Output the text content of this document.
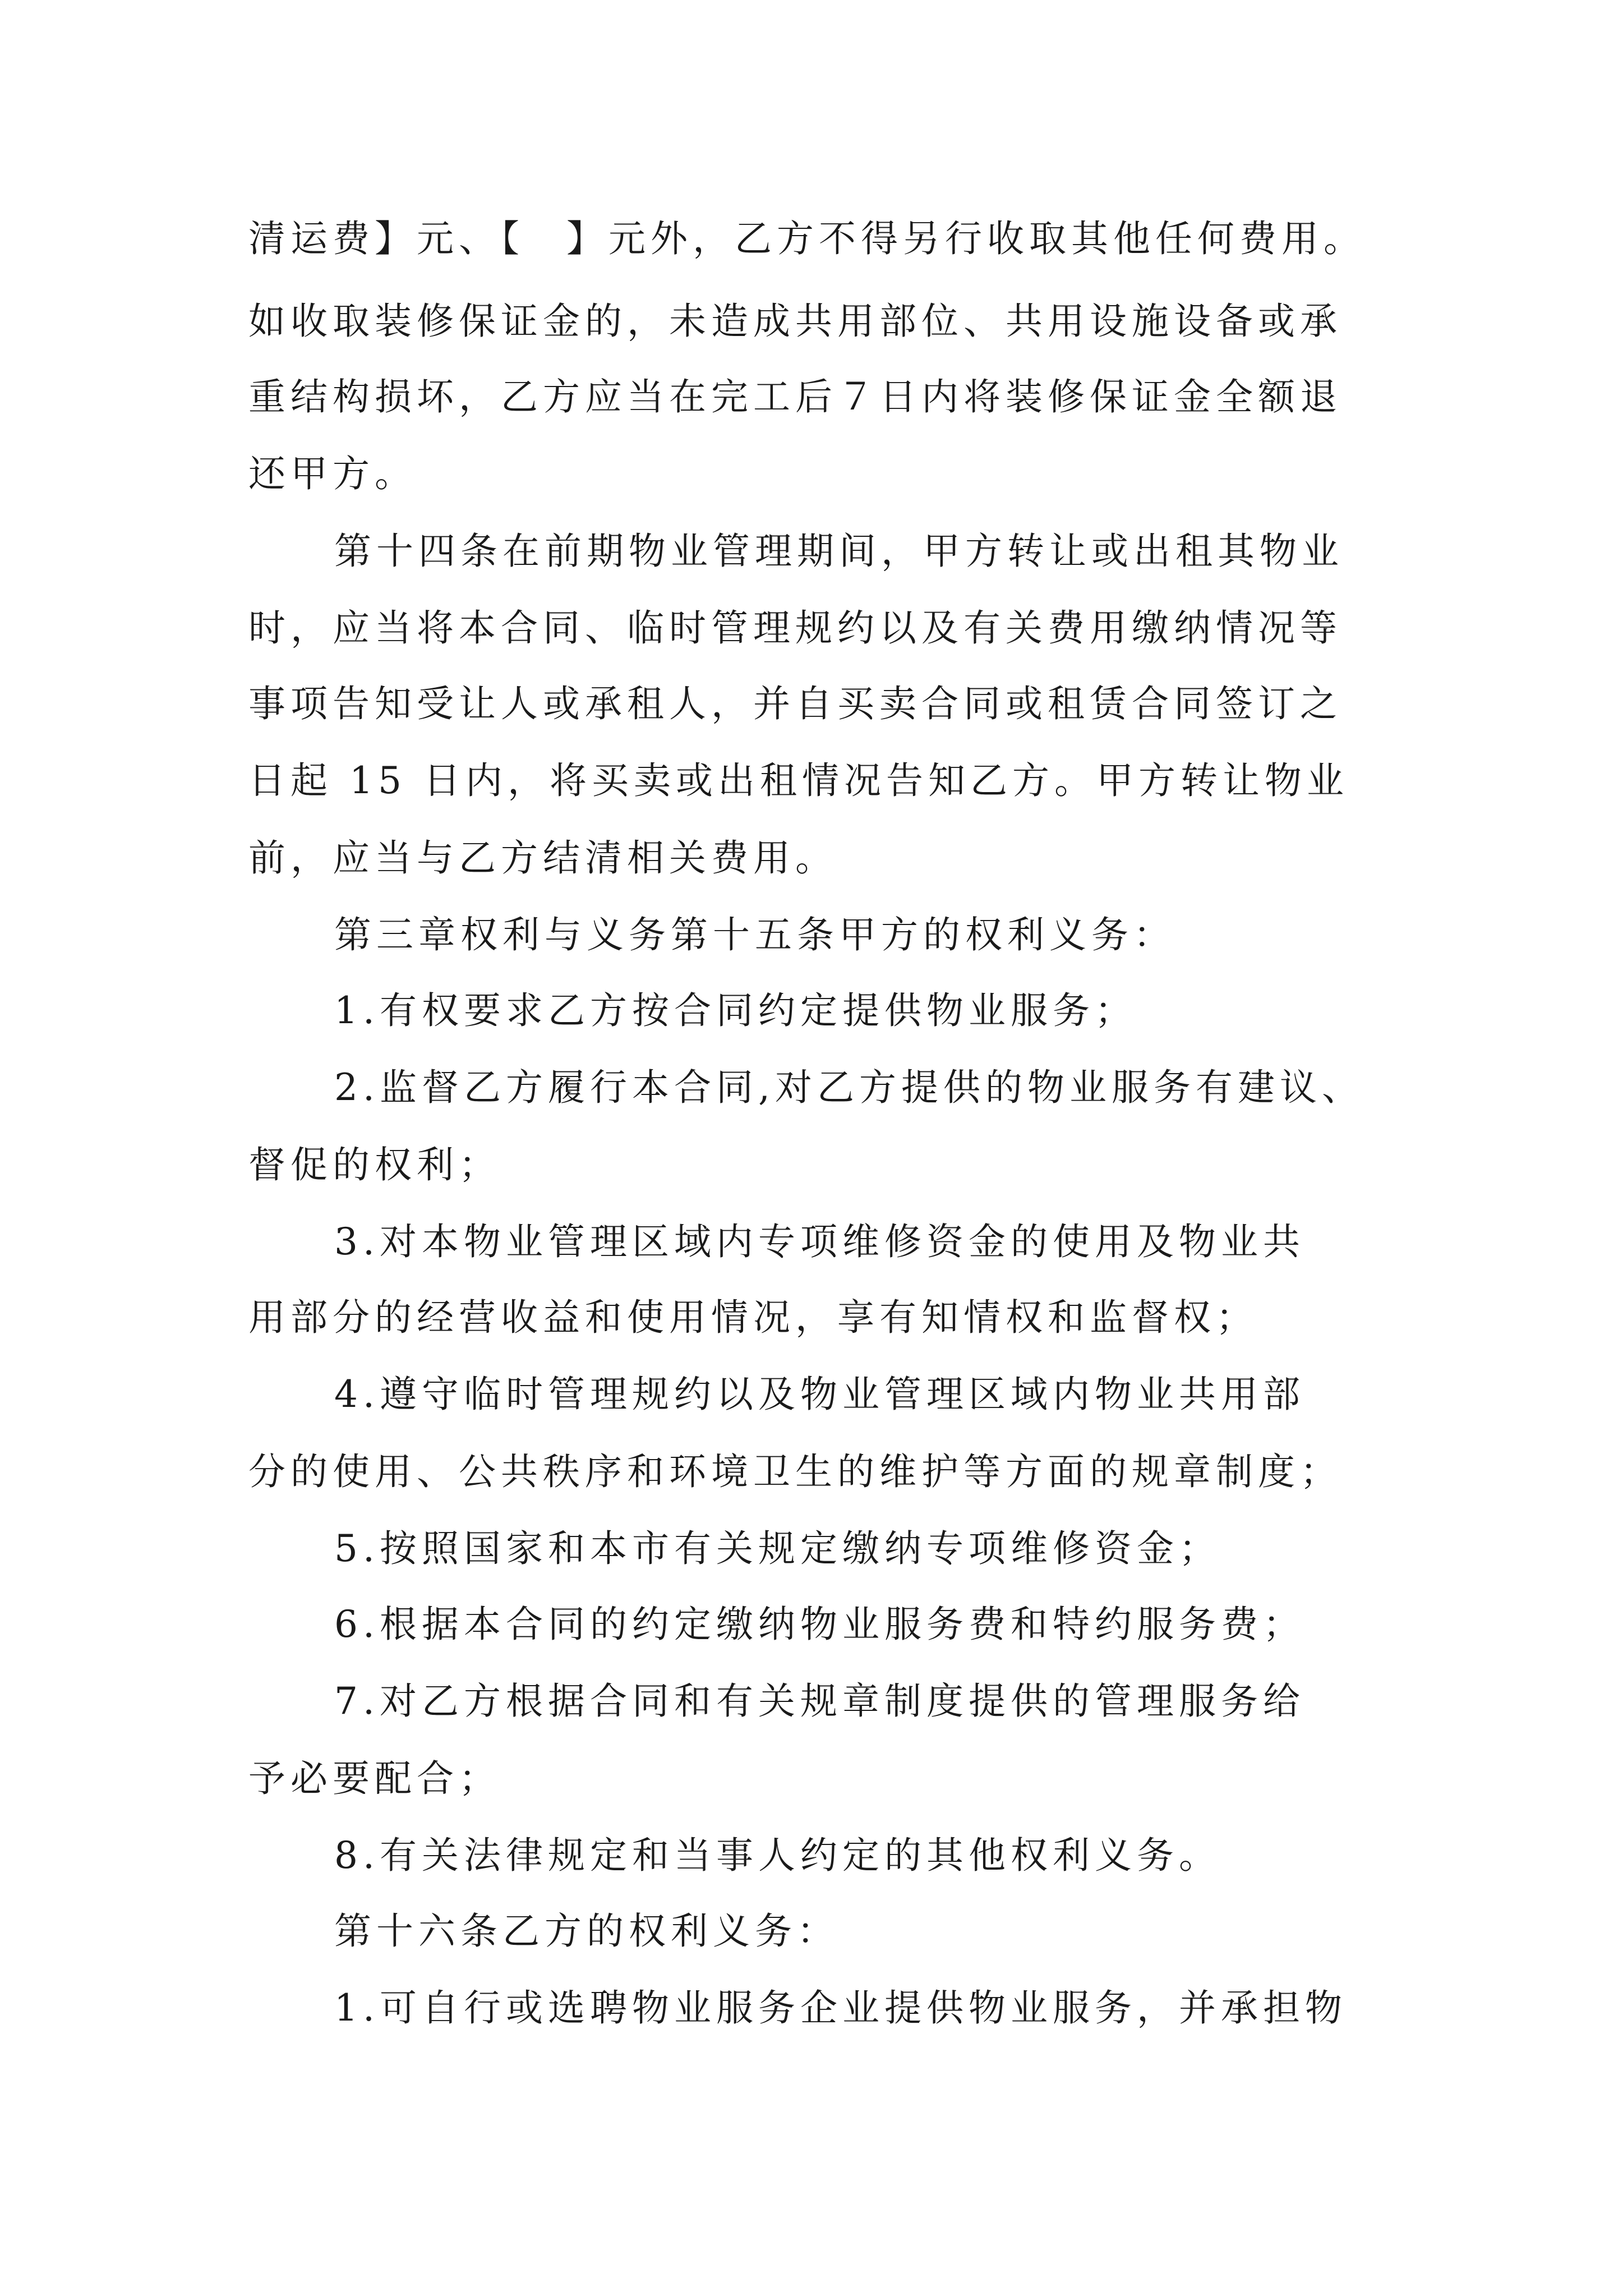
清运费】元、【　】元外，乙方不得另行收取其他任何费用。
如收取装修保证金的，未造成共用部位、共用设施设备或承
重结构损坏，乙方应当在完工后７日内将装修保证金全额退
还甲方。
第十四条在前期物业管理期间，甲方转让或出租其物业
时，应当将本合同、临时管理规约以及有关费用缴纳情况等
事项告知受让人或承租人，并自买卖合同或租赁合同签订之
日起 15 日内，将买卖或出租情况告知乙方。甲方转让物业
前，应当与乙方结清相关费用。
第三章权利与义务第十五条甲方的权利义务：
1.有权要求乙方按合同约定提供物业服务；
2.监督乙方履行本合同,对乙方提供的物业服务有建议、
督促的权利；
3.对本物业管理区域内专项维修资金的使用及物业共
用部分的经营收益和使用情况，享有知情权和监督权；
4.遵守临时管理规约以及物业管理区域内物业共用部
分的使用、公共秩序和环境卫生的维护等方面的规章制度；
5.按照国家和本市有关规定缴纳专项维修资金；
6.根据本合同的约定缴纳物业服务费和特约服务费；
7.对乙方根据合同和有关规章制度提供的管理服务给
予必要配合；
8.有关法律规定和当事人约定的其他权利义务。
第十六条乙方的权利义务：
1.可自行或选聘物业服务企业提供物业服务，并承担物
